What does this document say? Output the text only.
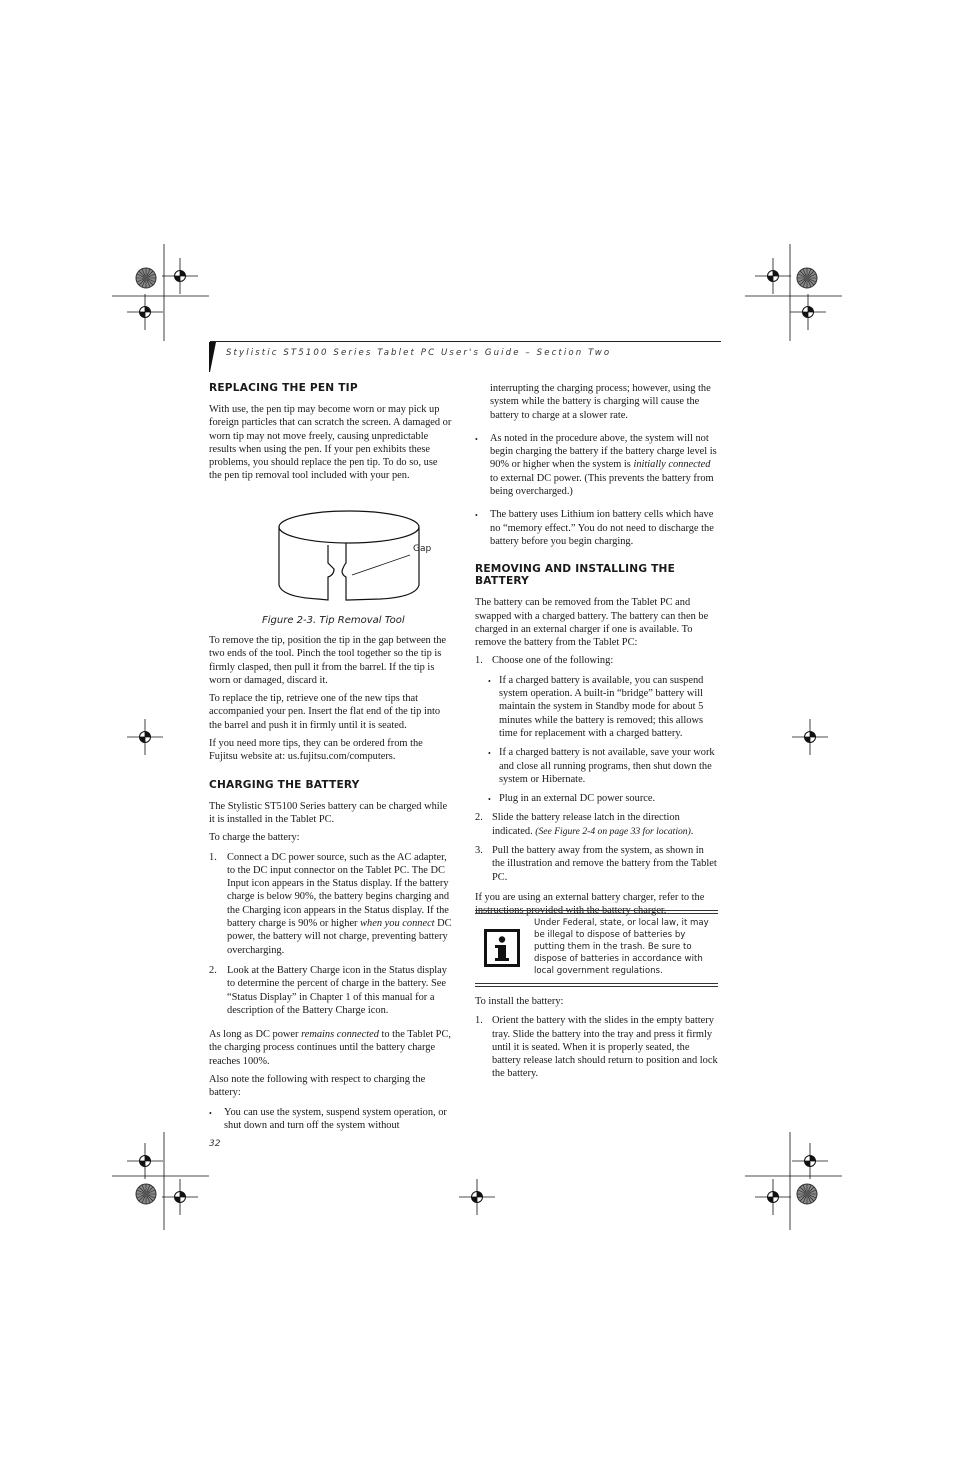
Stylistic ST5100 Series Tablet PC User's Guide – Section Two
REPLACING THE PEN TIP

With use, the pen tip may become worn or may pick up foreign particles that can scratch the screen. A damaged or worn tip may not move freely, causing unpredictable results when using the pen. If your pen exhibits these problems, you should replace the pen tip. To do so, use the pen tip removal tool included with your pen.

Gap
Figure 2-3. Tip Removal Tool

To remove the tip, position the tip in the gap between the two ends of the tool. Pinch the tool together so the tip is firmly clasped, then pull it from the barrel. If the tip is worn or damaged, discard it.

To replace the tip, retrieve one of the new tips that accompanied your pen. Insert the flat end of the tip into the barrel and push it in firmly until it is seated.

If you need more tips, they can be ordered from the Fujitsu website at: us.fujitsu.com/computers.

CHARGING THE BATTERY

The Stylistic ST5100 Series battery can be charged while it is installed in the Tablet PC.

To charge the battery:

1. Connect a DC power source, such as the AC adapter, to the DC input connector on the Tablet PC. The DC Input icon appears in the Status display. If the battery charge is below 90%, the battery begins charging and the Charging icon appears in the Status display. If the battery charge is 90% or higher when you connect DC power, the battery will not charge, preventing battery overcharging.

2. Look at the Battery Charge icon in the Status display to determine the percent of charge in the battery. See “Status Display” in Chapter 1 of this manual for a description of the Battery Charge icon.

As long as DC power remains connected to the Tablet PC, the charging process continues until the battery charge reaches 100%.

Also note the following with respect to charging the battery:

• You can use the system, suspend system operation, or shut down and turn off the system without

32

interrupting the charging process; however, using the system while the battery is charging will cause the battery to charge at a slower rate.

• As noted in the procedure above, the system will not begin charging the battery if the battery charge level is 90% or higher when the system is initially connected to external DC power. (This prevents the battery from being overcharged.)

• The battery uses Lithium ion battery cells which have no “memory effect.” You do not need to discharge the battery before you begin charging.

REMOVING AND INSTALLING THE BATTERY

The battery can be removed from the Tablet PC and swapped with a charged battery. The battery can then be charged in an external charger if one is available. To remove the battery from the Tablet PC:

1. Choose one of the following:

• If a charged battery is available, you can suspend system operation. A built-in “bridge” battery will maintain the system in Standby mode for about 5 minutes while the battery is removed; this allows time for replacement with a charged battery.

• If a charged battery is not available, save your work and close all running programs, then shut down the system or Hibernate.

• Plug in an external DC power source.

2. Slide the battery release latch in the direction indicated. (See Figure 2-4 on page 33 for location).

3. Pull the battery away from the system, as shown in the illustration and remove the battery from the Tablet PC.

If you are using an external battery charger, refer to the

Under Federal, state, or local law, it may be illegal to dispose of batteries by putting them in the trash. Be sure to dispose of batteries in accordance with local government regulations.

To install the battery:

1. Orient the battery with the slides in the empty battery tray. Slide the battery into the tray and press it firmly until it is seated. When it is properly seated, the battery release latch should return to position and lock the battery.
